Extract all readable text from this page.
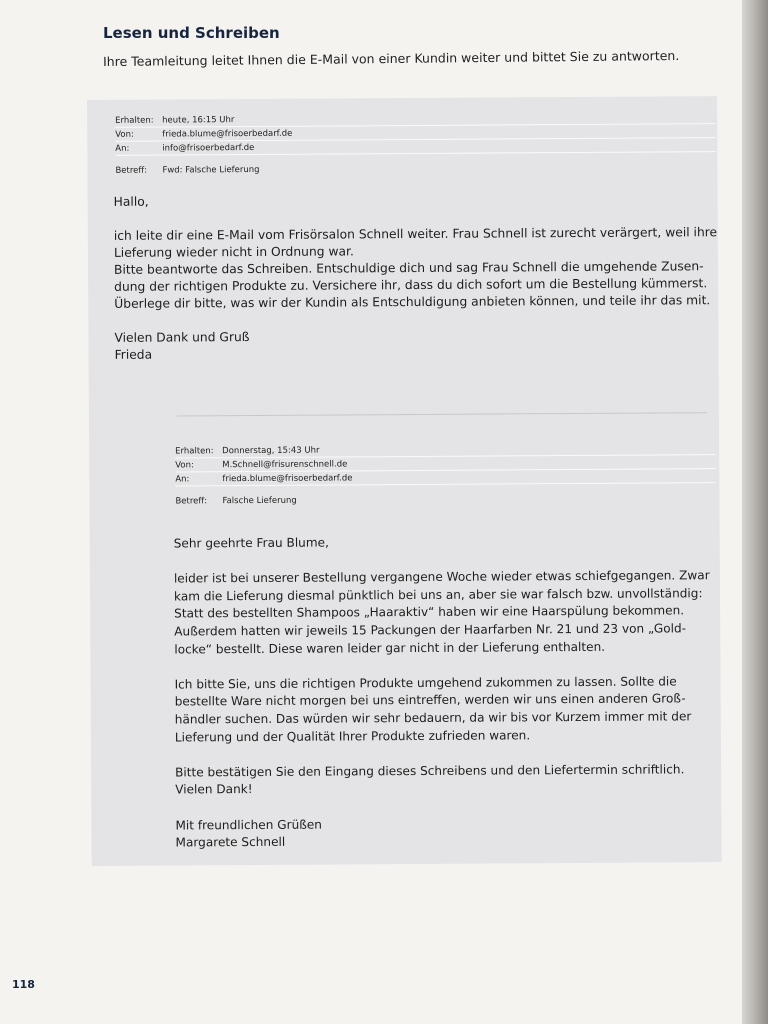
Lesen und Schreiben
Ihre Teamleitung leitet Ihnen die E-Mail von einer Kundin weiter und bittet Sie zu antworten.
Erhalten: heute, 16:15 Uhr
Von:	frieda.blume@frisoerbedarf.de
An:	info@frisoerbedarf.de
Betreff:	Fwd: Falsche Lieferung

Hallo,

ich leite dir eine E-Mail vom Frisörsalon Schnell weiter. Frau Schnell ist zurecht verärgert, weil ihre

Lieferung wieder nicht in Ordnung war.

Bitte beantworte das Schreiben. Entschuldige dich und sag Frau Schnell die umgehende Zusen-

dung der richtigen Produkte zu. Versichere ihr, dass du dich sofort um die Bestellung kümmerst.

Überlege dir bitte, was wir der Kundin als Entschuldigung anbieten können, und teile ihr das mit.

Vielen Dank und Gruß

Frieda

Erhalten: Donnerstag, 15:43 Uhr
Von:	M.Schnell@frisurenschnell.de
An:	frieda.blume@frisoerbedarf.de
Betreff:	Falsche Lieferung

Sehr geehrte Frau Blume,

leider ist bei unserer Bestellung vergangene Woche wieder etwas schiefgegangen. Zwar

kam die Lieferung diesmal pünktlich bei uns an, aber sie war falsch bzw. unvollständig:

Statt des bestellten Shampoos „Haaraktiv“ haben wir eine Haarspülung bekommen.

Außerdem hatten wir jeweils 15 Packungen der Haarfarben Nr. 21 und 23 von „Gold-

locke“ bestellt. Diese waren leider gar nicht in der Lieferung enthalten.

Ich bitte Sie, uns die richtigen Produkte umgehend zukommen zu lassen. Sollte die

bestellte Ware nicht morgen bei uns eintreffen, werden wir uns einen anderen Groß-

händler suchen. Das würden wir sehr bedauern, da wir bis vor Kurzem immer mit der

Lieferung und der Qualität Ihrer Produkte zufrieden waren.

Bitte bestätigen Sie den Eingang dieses Schreibens und den Liefertermin schriftlich.

Vielen Dank!

Mit freundlichen Grüßen

Margarete Schnell

118
